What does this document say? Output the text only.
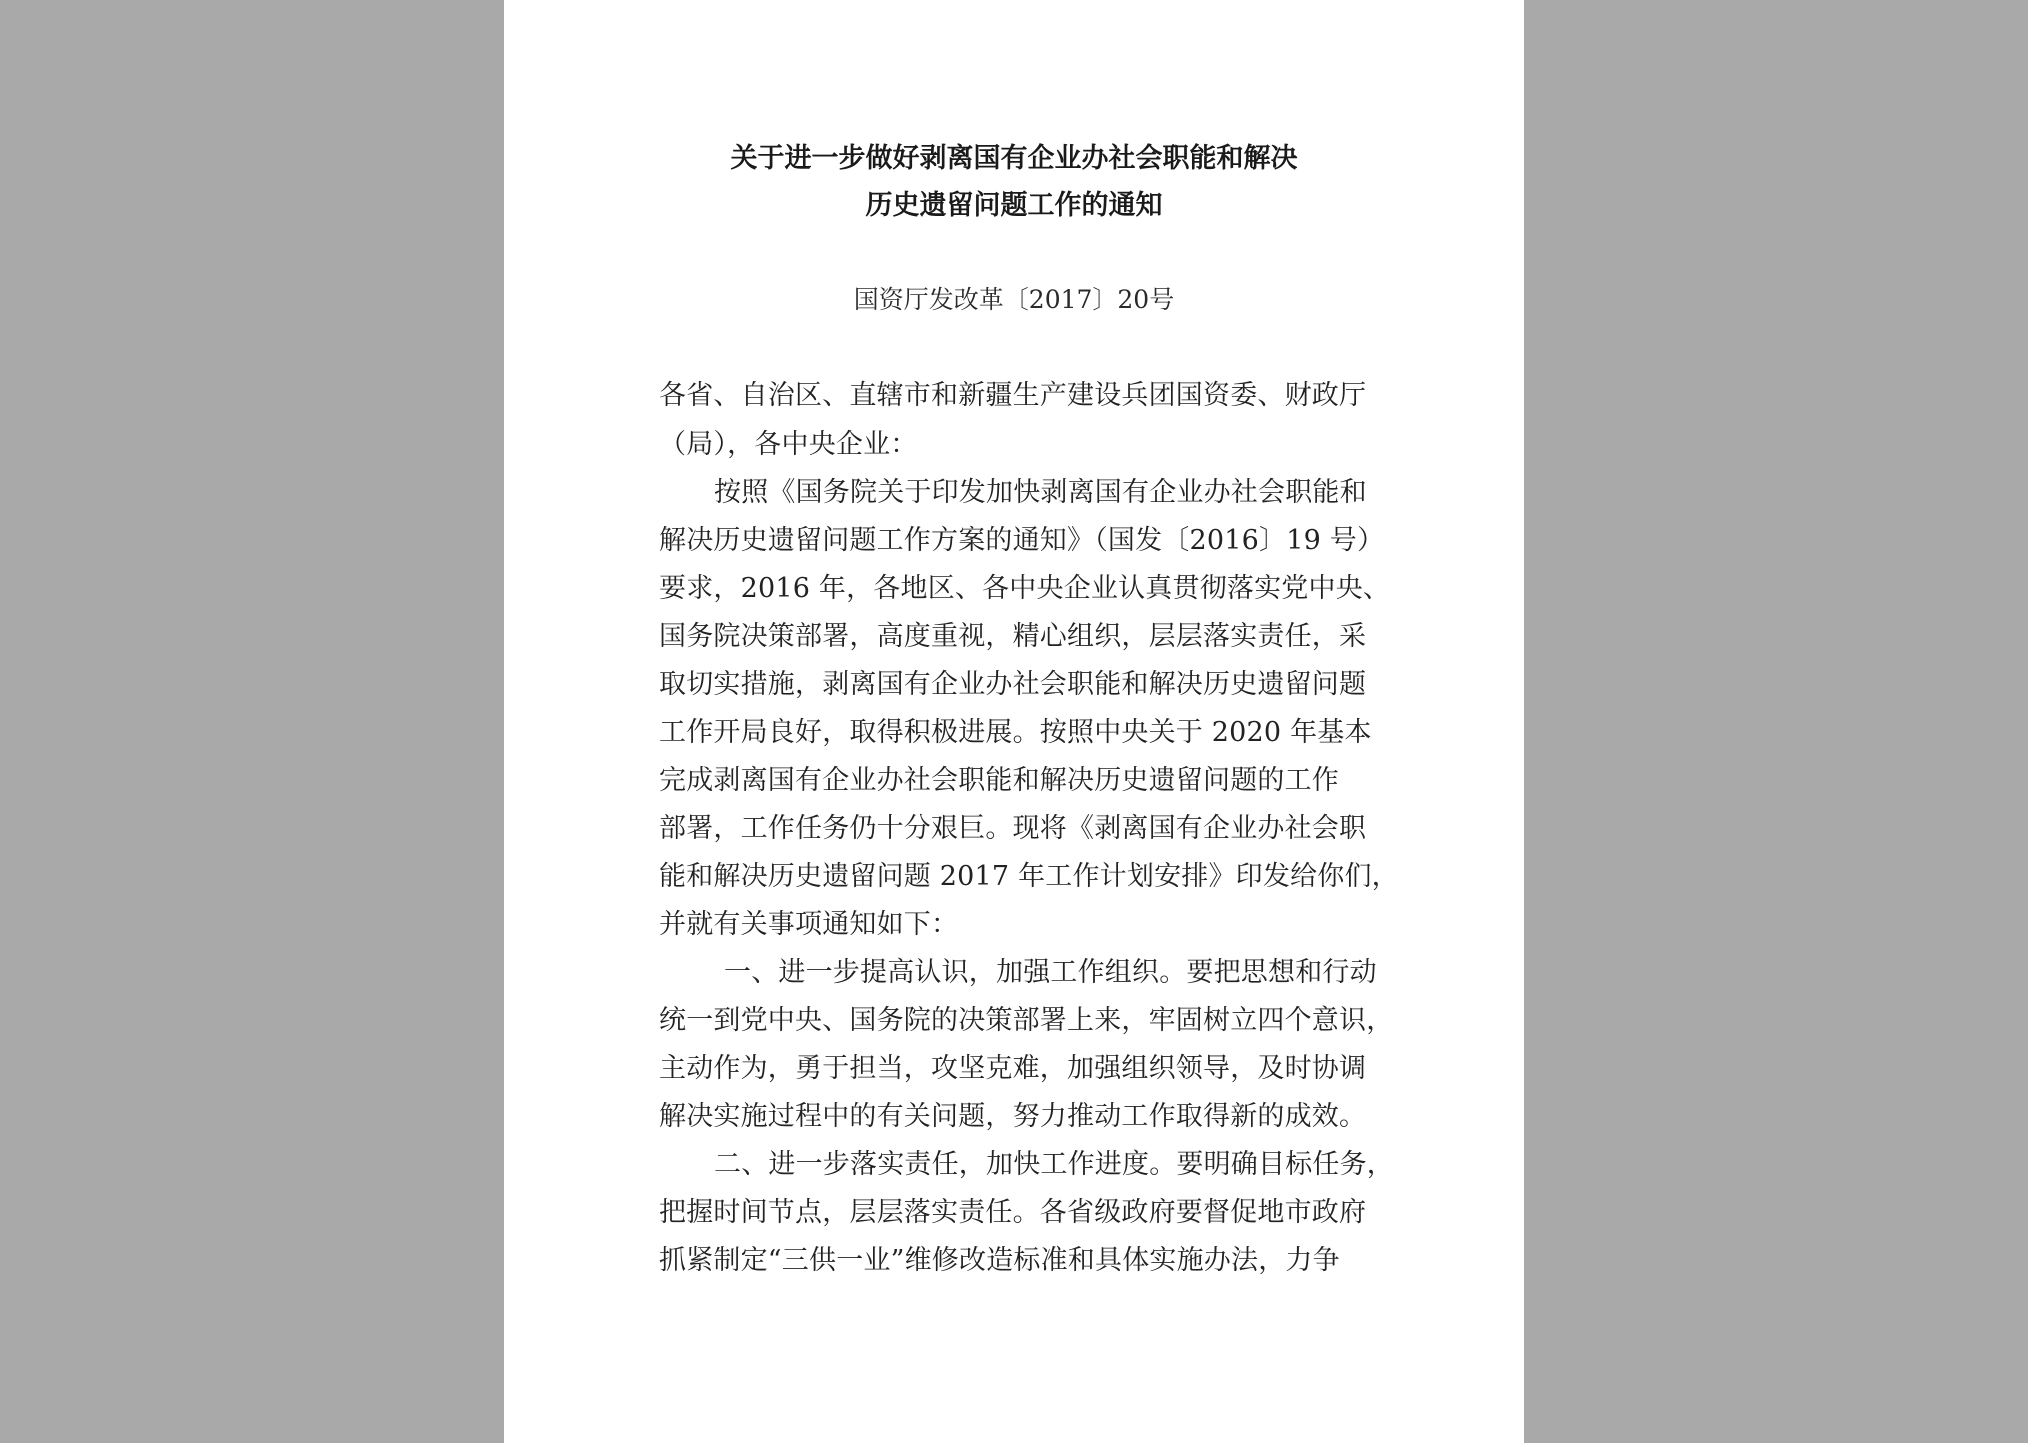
关于进一步做好剥离国有企业办社会职能和解决
历史遗留问题工作的通知
国资厅发改革〔2017〕20号
各省、自治区、直辖市和新疆生产建设兵团国资委、财政厅
（局），各中央企业：
按照《国务院关于印发加快剥离国有企业办社会职能和
解决历史遗留问题工作方案的通知》（国发〔2016〕19 号）
要求，2016 年，各地区、各中央企业认真贯彻落实党中央、
国务院决策部署，高度重视，精心组织，层层落实责任，采
取切实措施，剥离国有企业办社会职能和解决历史遗留问题
工作开局良好，取得积极进展。按照中央关于 2020 年基本
完成剥离国有企业办社会职能和解决历史遗留问题的工作
部署，工作任务仍十分艰巨。现将《剥离国有企业办社会职
能和解决历史遗留问题 2017 年工作计划安排》印发给你们，
并就有关事项通知如下：
一、进一步提高认识，加强工作组织。要把思想和行动
统一到党中央、国务院的决策部署上来，牢固树立四个意识，
主动作为，勇于担当，攻坚克难，加强组织领导，及时协调
解决实施过程中的有关问题，努力推动工作取得新的成效。
二、进一步落实责任，加快工作进度。要明确目标任务，
把握时间节点，层层落实责任。各省级政府要督促地市政府
抓紧制定“三供一业”维修改造标准和具体实施办法，力争
